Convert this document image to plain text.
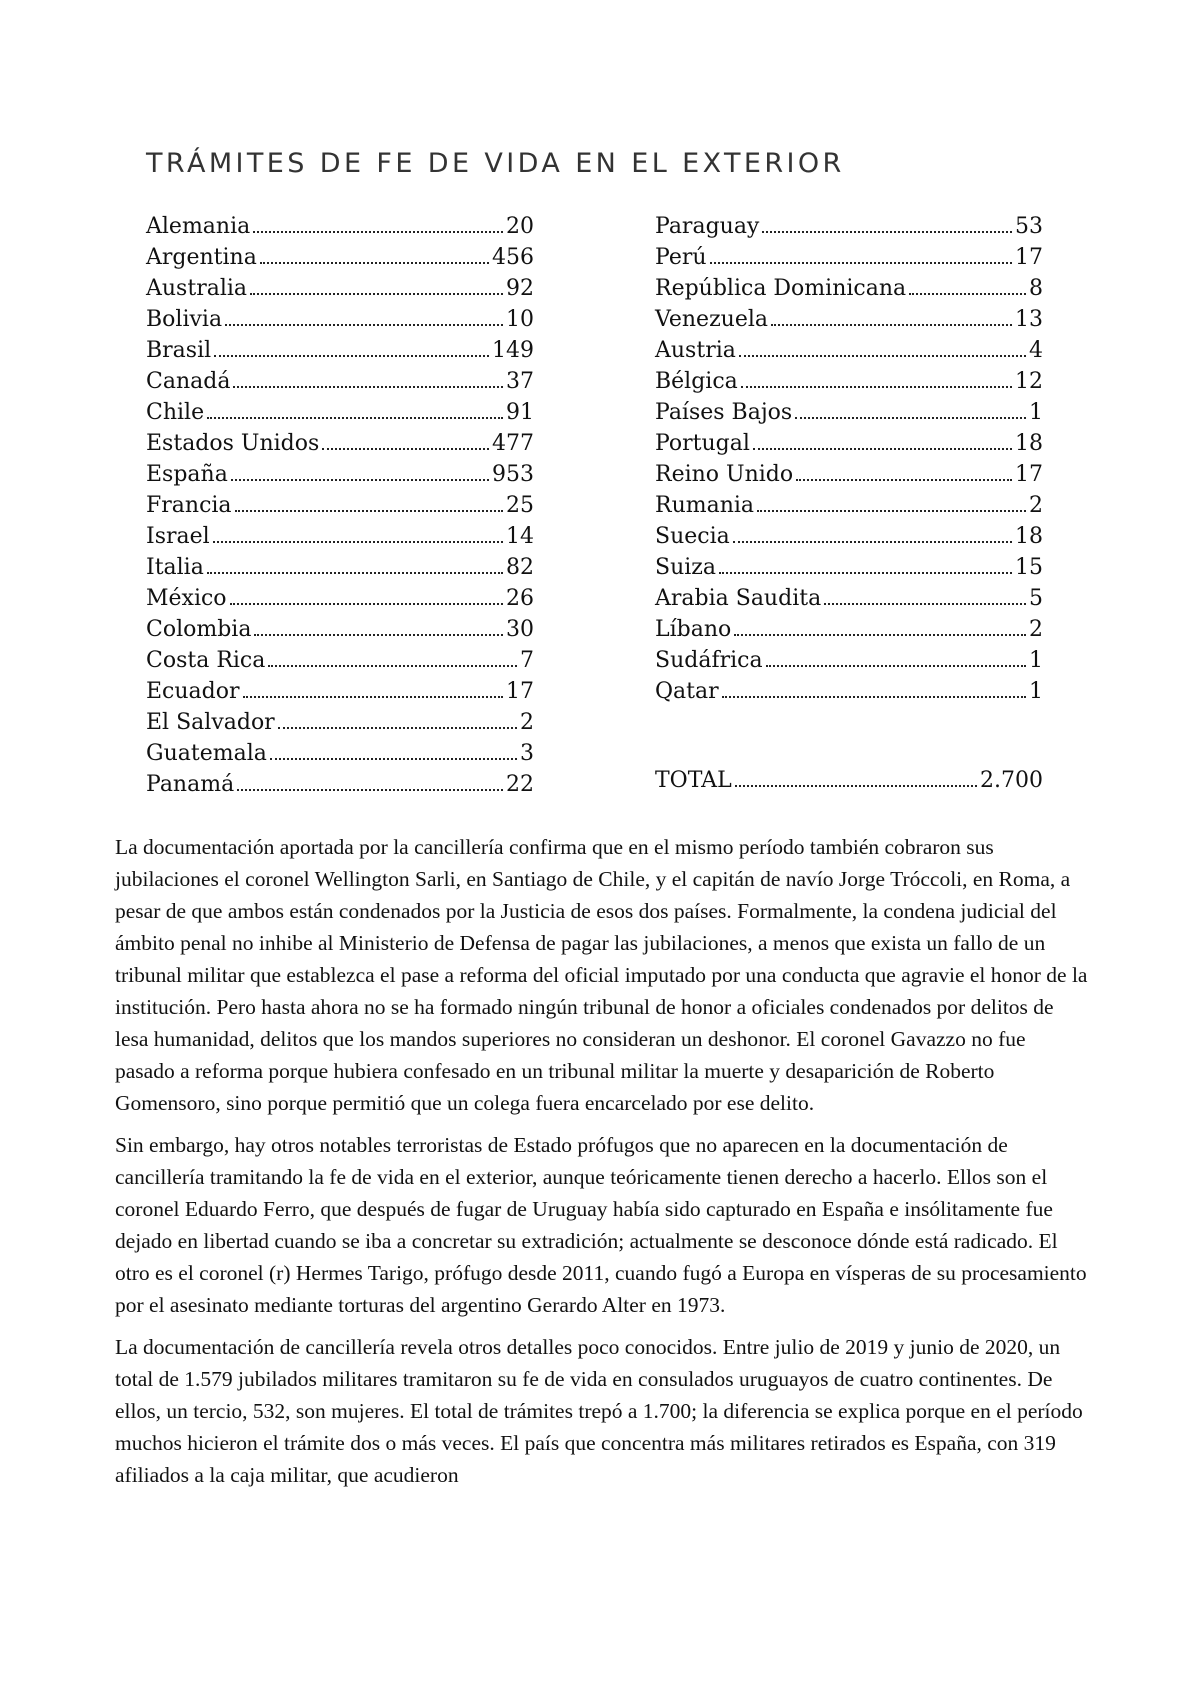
TRÁMITES DE FE DE VIDA EN EL EXTERIOR
Alemania	20
Argentina	456
Australia	92
Bolivia	10
Brasil	149
Canadá	37
Chile	91
Estados Unidos	477
España	953
Francia	25
Israel	14
Italia	82
México	26
Colombia	30
Costa Rica	7
Ecuador	17
El Salvador	2
Guatemala	3
Panamá	22
Paraguay	53
Perú	17
República Dominicana	8
Venezuela	13
Austria	4
Bélgica	12
Países Bajos	1
Portugal	18
Reino Unido	17
Rumania	2
Suecia	18
Suiza	15
Arabia Saudita	5
Líbano	2
Sudáfrica	1
Qatar	1
TOTAL	2.700

La documentación aportada por la cancillería confirma que en el mismo período también cobraron sus jubilaciones el coronel Wellington Sarli, en Santiago de Chile, y el capitán de navío Jorge Tróccoli, en Roma, a pesar de que ambos están condenados por la Justicia de esos dos países. Formalmente, la condena judicial del ámbito penal no inhibe al Ministerio de Defensa de pagar las jubilaciones, a menos que exista un fallo de un tribunal militar que establezca el pase a reforma del oficial imputado por una conducta que agravie el honor de la institución. Pero hasta ahora no se ha formado ningún tribunal de honor a oficiales condenados por delitos de lesa humanidad, delitos que los mandos superiores no consideran un deshonor. El coronel Gavazzo no fue pasado a reforma porque hubiera confesado en un tribunal militar la muerte y desaparición de Roberto Gomensoro, sino porque permitió que un colega fuera encarcelado por ese delito.

Sin embargo, hay otros notables terroristas de Estado prófugos que no aparecen en la documentación de cancillería tramitando la fe de vida en el exterior, aunque teóricamente tienen derecho a hacerlo. Ellos son el coronel Eduardo Ferro, que después de fugar de Uruguay había sido capturado en España e insólitamente fue dejado en libertad cuando se iba a concretar su extradición; actualmente se desconoce dónde está radicado. El otro es el coronel (r) Hermes Tarigo, prófugo desde 2011, cuando fugó a Europa en vísperas de su procesamiento por el asesinato mediante torturas del argentino Gerardo Alter en 1973.

La documentación de cancillería revela otros detalles poco conocidos. Entre julio de 2019 y junio de 2020, un total de 1.579 jubilados militares tramitaron su fe de vida en consulados uruguayos de cuatro continentes. De ellos, un tercio, 532, son mujeres. El total de trámites trepó a 1.700; la diferencia se explica porque en el período muchos hicieron el trámite dos o más veces. El país que concentra más militares retirados es España, con 319 afiliados a la caja militar, que acudieron
